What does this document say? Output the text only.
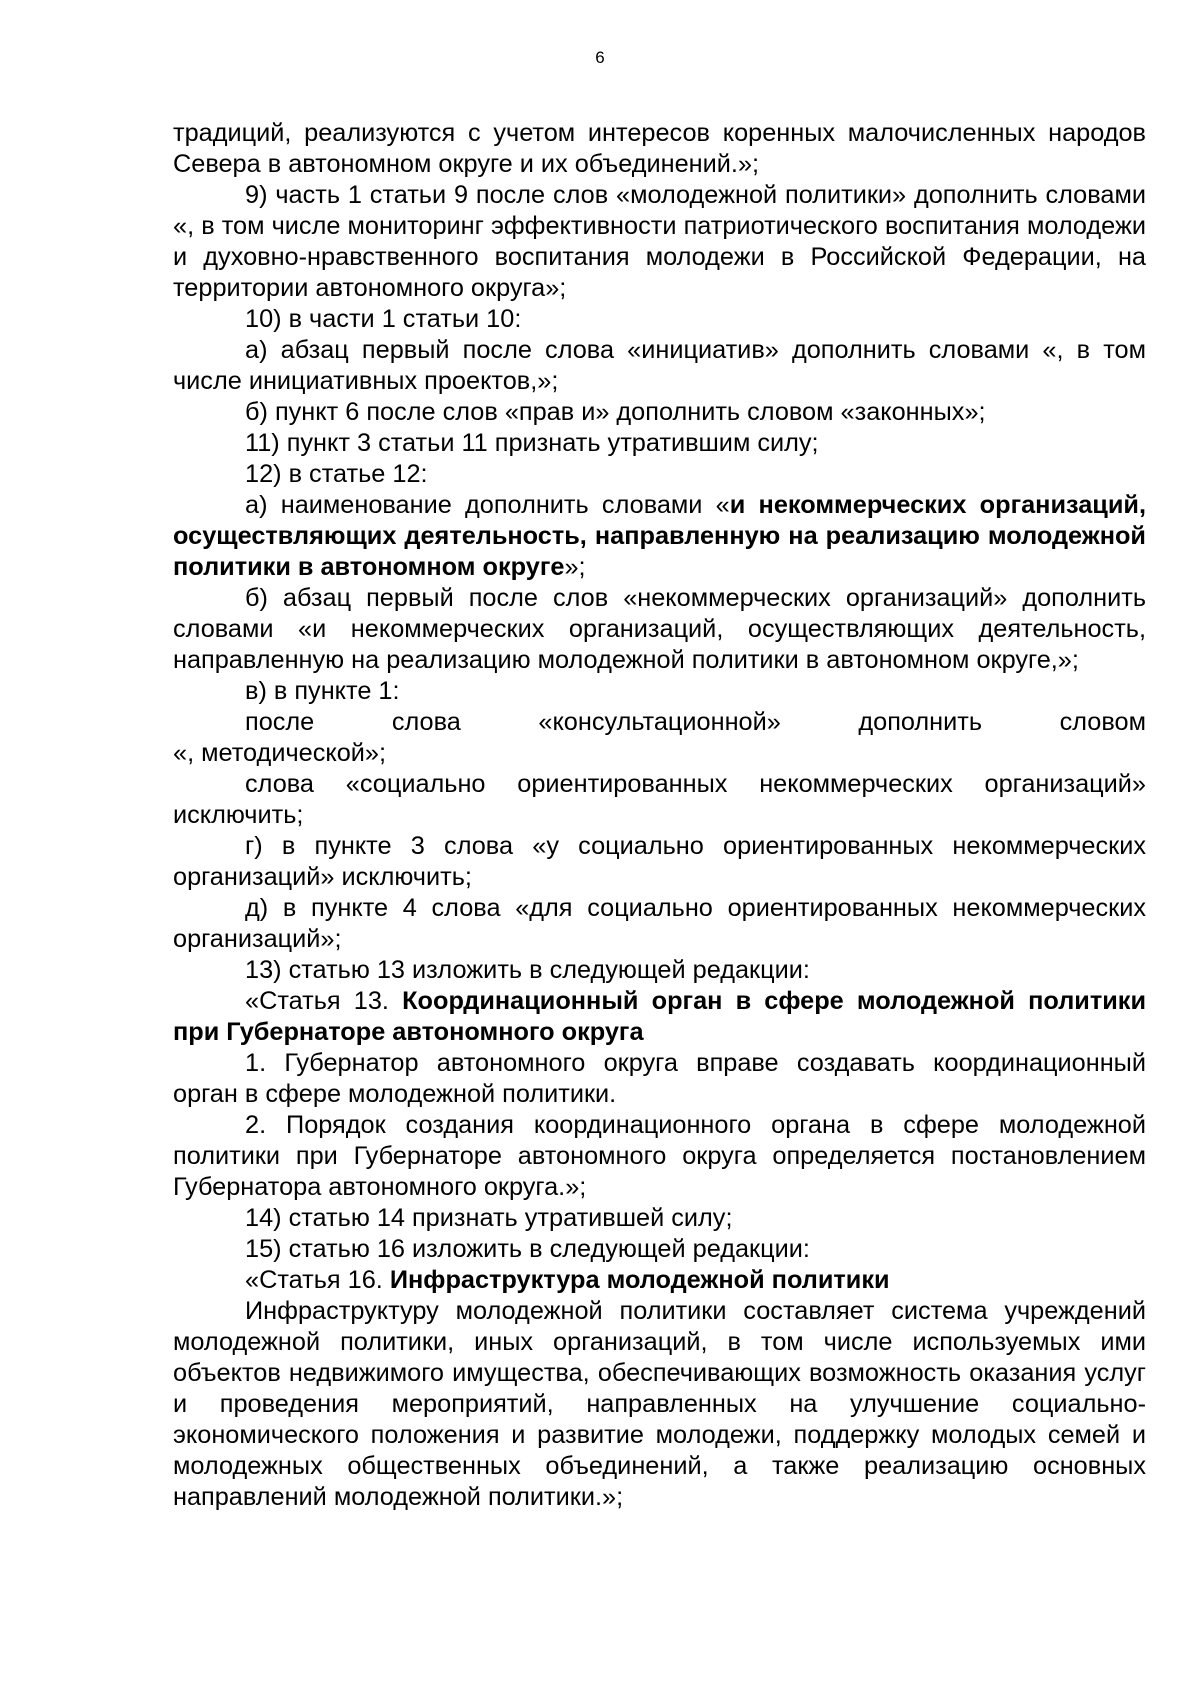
6

традиций, реализуются с учетом интересов коренных малочисленных народов Севера в автономном округе и их объединений.»;

9) часть 1 статьи 9 после слов «молодежной политики» дополнить словами «, в том числе мониторинг эффективности патриотического воспитания молодежи и духовно-нравственного воспитания молодежи в Российской Федерации, на территории автономного округа»;

10) в части 1 статьи 10:

а) абзац первый после слова «инициатив» дополнить словами «, в том числе инициативных проектов,»;

б) пункт 6 после слов «прав и» дополнить словом «законных»;

11) пункт 3 статьи 11 признать утратившим силу;

12) в статье 12:

а) наименование дополнить словами «и некоммерческих организаций, осуществляющих деятельность, направленную на реализацию молодежной политики в автономном округе»;

б) абзац первый после слов «некоммерческих организаций» дополнить словами «и некоммерческих организаций, осуществляющих деятельность, направленную на реализацию молодежной политики в автономном округе,»;

в) в пункте 1:

после слова «консультационной» дополнить словом

«, методической»;

слова «социально ориентированных некоммерческих организаций» исключить;

г) в пункте 3 слова «у социально ориентированных некоммерческих организаций» исключить;

д) в пункте 4 слова «для социально ориентированных некоммерческих организаций»;

13) статью 13 изложить в следующей редакции:

«Статья 13. Координационный орган в сфере молодежной политики при Губернаторе автономного округа

1. Губернатор автономного округа вправе создавать координационный орган в сфере молодежной политики.

2. Порядок создания координационного органа в сфере молодежной политики при Губернаторе автономного округа определяется постановлением Губернатора автономного округа.»;

14) статью 14 признать утратившей силу;

15) статью 16 изложить в следующей редакции:

«Статья 16. Инфраструктура молодежной политики

Инфраструктуру молодежной политики составляет система учреждений молодежной политики, иных организаций, в том числе используемых ими объектов недвижимого имущества, обеспечивающих возможность оказания услуг и проведения мероприятий, направленных на улучшение социально-экономического положения и развитие молодежи, поддержку молодых семей и молодежных общественных объединений, а также реализацию основных направлений молодежной политики.»;
